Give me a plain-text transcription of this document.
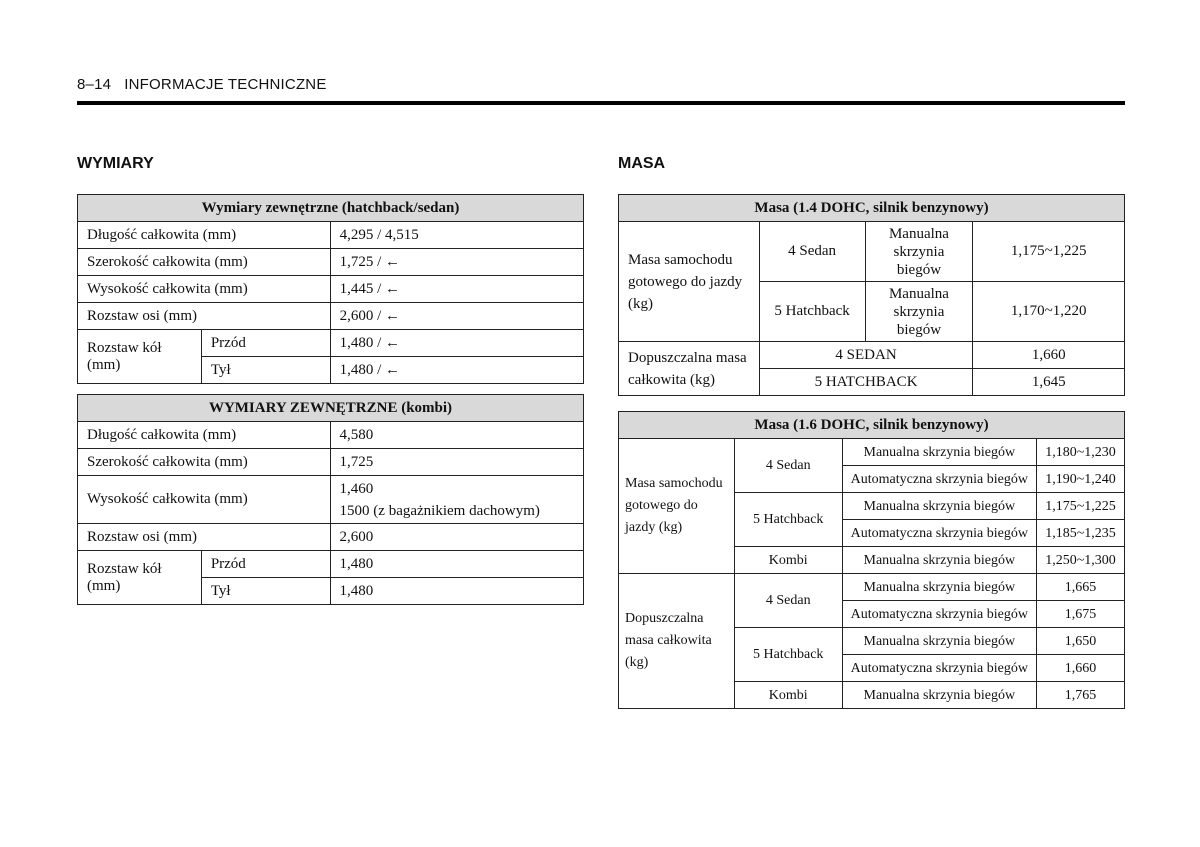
8–14 INFORMACJE TECHNICZNE
WYMIARY	MASA
Wymiary zewnętrzne (hatchback/sedan)		
Długość całkowita (mm)		4,295 / 4,515
Szerokość całkowita (mm)		1,725 / ←
Wysokość całkowita (mm)		1,445 / ←
Rozstaw osi (mm)		2,600 / ←
Rozstaw kół (mm)	Przód	1,480 / ←
	Tył	1,480 / ←
WYMIARY ZEWNĘTRZNE (kombi)		
Długość całkowita (mm)		4,580
Szerokość całkowita (mm)		1,725
Wysokość całkowita (mm)		1,460
1500 (z bagażnikiem dachowym)

Rozstaw osi (mm)		2,600
Rozstaw kół (mm)	Przód	1,480
	Tył	1,480
Masa (1.4 DOHC, silnik benzynowy)			
Masa samochodu gotowego do jazdy (kg)	4 Sedan	Manualna skrzynia biegów	1,175~1,225
	5 Hatchback	Manualna skrzynia biegów	1,170~1,220
Dopuszczalna masa całkowita (kg)	4 SEDAN		1,660
	5 HATCHBACK		1,645
Masa (1.6 DOHC, silnik benzynowy)			
Masa samochodu gotowego do jazdy (kg)	4 Sedan	Manualna skrzynia biegów	1,180~1,230
		Automatyczna skrzynia biegów	1,190~1,240
	5 Hatchback	Manualna skrzynia biegów	1,175~1,225
		Automatyczna skrzynia biegów	1,185~1,235
	Kombi	Manualna skrzynia biegów	1,250~1,300
Dopuszczalna masa całkowita (kg)	4 Sedan	Manualna skrzynia biegów	1,665
		Automatyczna skrzynia biegów	1,675
	5 Hatchback	Manualna skrzynia biegów	1,650
		Automatyczna skrzynia biegów	1,660
	Kombi	Manualna skrzynia biegów	1,765
